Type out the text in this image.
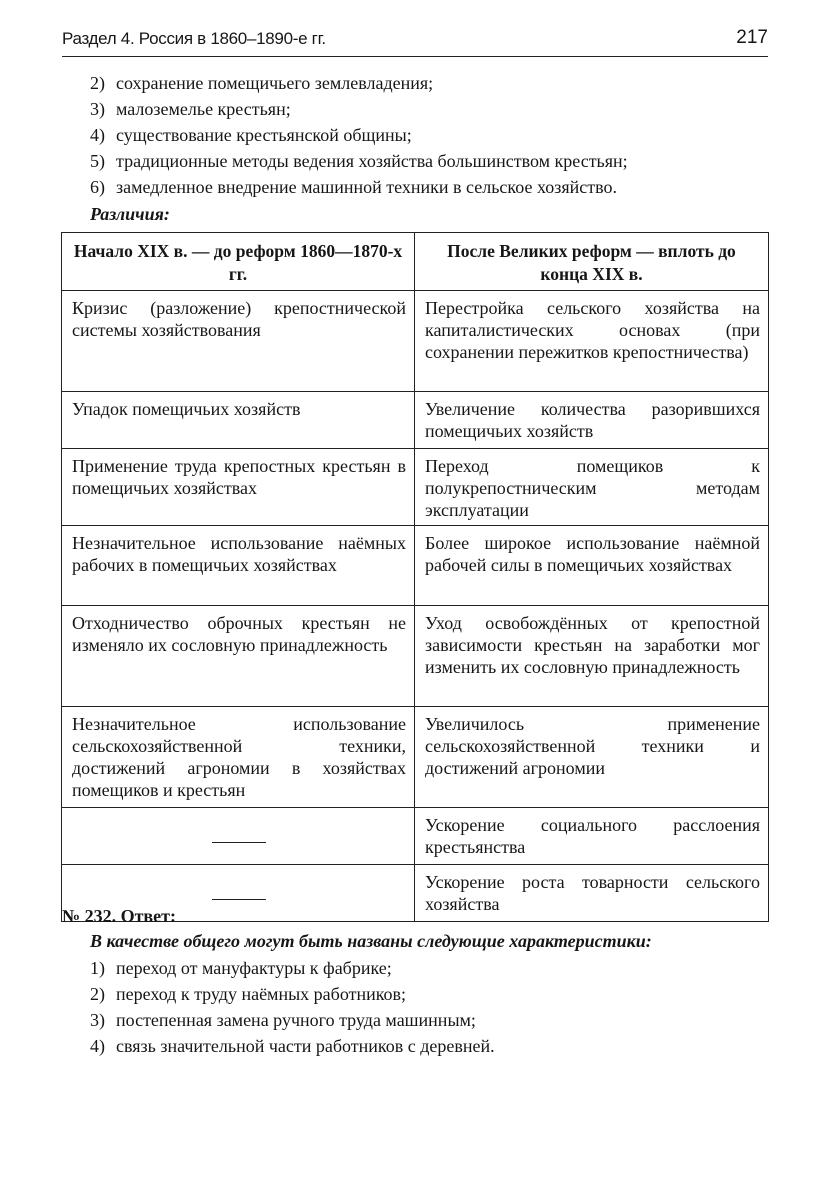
Раздел 4. Россия в 1860–1890-е гг.	217
2) сохранение помещичьего землевладения;
3) малоземелье крестьян;
4) существование крестьянской общины;
5) традиционные методы ведения хозяйства большинством крестьян;
6) замедленное внедрение машинной техники в сельское хозяйство.
Различия:
Начало XIX в. — до реформ 1860—1870-х гг.	После Великих реформ — вплоть до конца XIX в.
Кризис (разложение) крепостнической системы хозяйствования	Перестройка сельского хозяйства на капиталистических основах (при сохранении пережитков крепостничества)
Упадок помещичьих хозяйств	Увеличение количества разорившихся помещичьих хозяйств
Применение труда крепостных крестьян в помещичьих хозяйствах	Переход помещиков к полукрепостническим методам эксплуатации
Незначительное использование наёмных рабочих в помещичьих хозяйствах	Более широкое использование наёмной рабочей силы в помещичьих хозяйствах
Отходничество оброчных крестьян не изменяло их сословную принадлежность	Уход освобождённых от крепостной зависимости крестьян на заработки мог изменить их сословную принадлежность
Незначительное использование сельскохозяйственной техники, достижений агрономии в хозяйствах помещиков и крестьян	Увеличилось применение сельскохозяйственной техники и достижений агрономии
	Ускорение социального расслоения крестьянства
	Ускорение роста товарности сельского хозяйства
№ 232. Ответ:
В качестве общего могут быть названы следующие характеристики:
1) переход от мануфактуры к фабрике;
2) переход к труду наёмных работников;
3) постепенная замена ручного труда машинным;
4) связь значительной части работников с деревней.
